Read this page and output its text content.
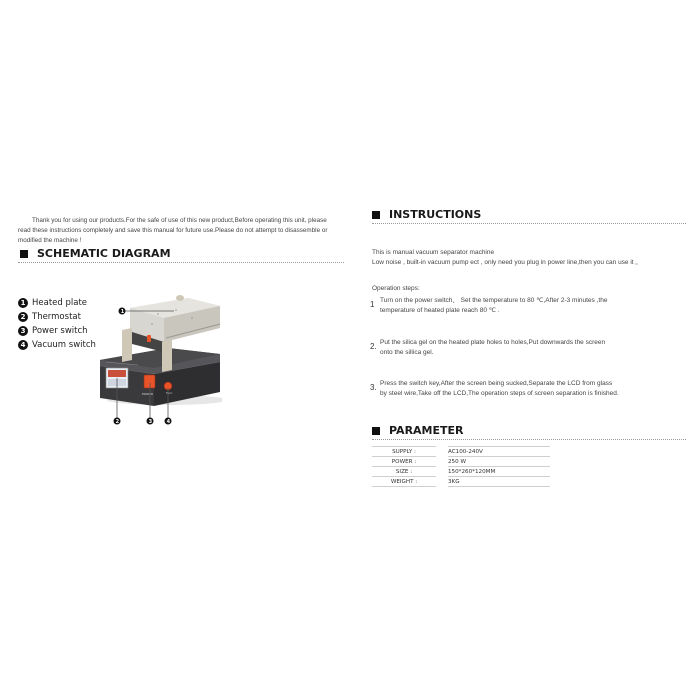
Thank you for using our products.For the safe of use of this new product,Before operating this unit, please
read these instructions completely and save this manual for future use.Please do not attempt to disassemble or
modified the machine !
SCHEMATIC DIAGRAM
1 Heated plate
2 Thermostat
3 Power switch
4 Vacuum switch
POWER	Turn
1
2	3	4
INSTRUCTIONS
This is manual vacuum separator machine
Low noise , built-in vacuum pump ect , only need you plug in power line,then you can use it 。
Operation steps:
1 Turn on the power switch、 Set the temperature to 80 ℃,After 2-3 minutes ,the
temperature of heated plate reach 80 ℃ .
2. Put the silica gel on the heated plate holes to holes,Put downwards the screen
onto the sillica gel.
3. Press the switch key,After the screen being sucked,Separate the LCD from glass
by steel wire,Take off the LCD,The operation steps of screen separation is finished.
PARAMETER
SUPPLY :		AC100-240V
POWER :		250 W
SIZE :		150*260*120MM
WEIGHT :		3KG
